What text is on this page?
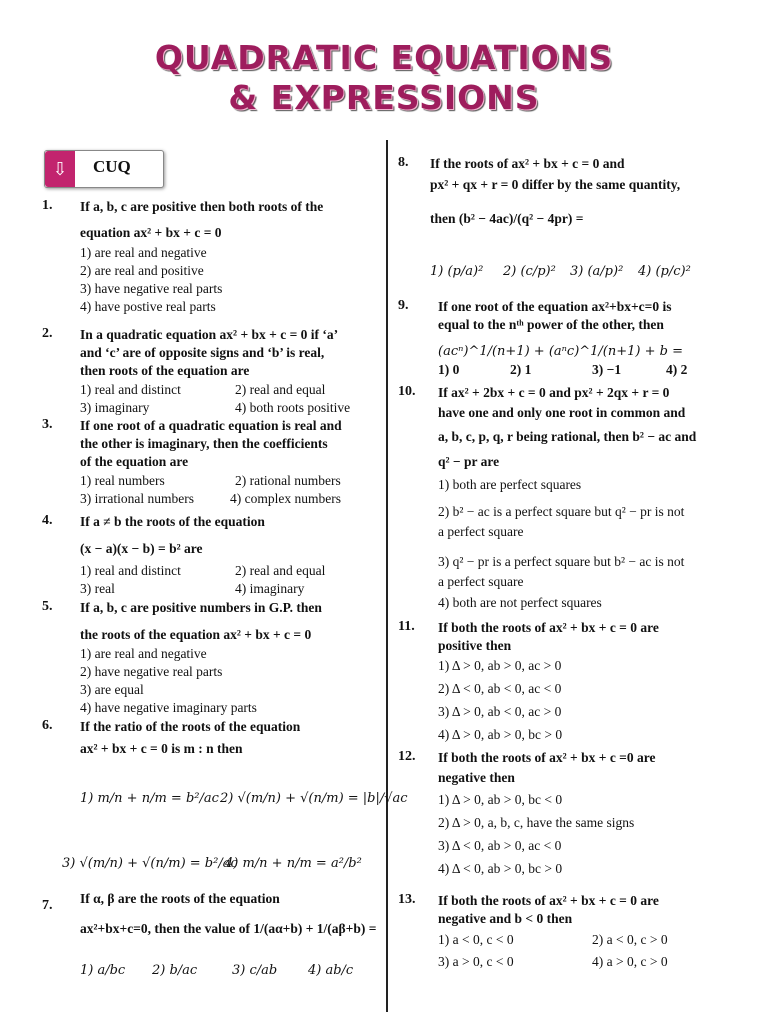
QUADRATIC EQUATIONS
& EXPRESSIONS
⇩	CUQ
1. If a, b, c are positive then both roots of the
equation ax² + bx + c = 0
1) are real and negative
2) are real and positive
3) have negative real parts
4) have postive real parts
2. In a quadratic equation ax² + bx + c = 0 if ‘a’
and ‘c’ are of opposite signs and ‘b’ is real,
then roots of the equation are
1) real and distinct	2) real and equal
3) imaginary	4) both roots positive
3. If one root of a quadratic equation is real and
the other is imaginary, then the coefficients
of the equation are
1) real numbers	2) rational numbers
3) irrational numbers	4) complex numbers
4. If a ≠ b the roots of the equation
(x − a)(x − b) = b² are
1) real and distinct	2) real and equal
3) real	4) imaginary
5. If a, b, c are positive numbers in G.P. then
the roots of the equation ax² + bx + c = 0
1) are real and negative
2) have negative real parts
3) are equal
4) have negative imaginary parts
6. If the ratio of the roots of the equation
ax² + bx + c = 0 is m : n then
1) m/n + n/m = b²/ac 2) √(m/n) + √(n/m) = |b|/√ac
3) √(m/n) + √(n/m) = b²/ac
4) m/n + n/m = a²/b²
7. If α, β are the roots of the equation
ax²+bx+c=0, then the value of 1/(aα+b) + 1/(aβ+b) =
1) a/bc 2) b/ac	3) c/ab 4) ab/c
8. If the roots of ax² + bx + c = 0 and
px² + qx + r = 0 differ by the same quantity,
then (b² − 4ac)/(q² − 4pr) =
1) (p/a)² 2) (c/p)² 3) (a/p)² 4) (p/c)²
9. If one root of the equation ax²+bx+c=0 is
equal to the nᵗʰ power of the other, then
(acⁿ)^1/(n+1) + (aⁿc)^1/(n+1) + b =
1) 0	2) 1	3) −1	4) 2
10. If ax² + 2bx + c = 0 and px² + 2qx + r = 0
have one and only one root in common and
a, b, c, p, q, r being rational, then b² − ac and
q² − pr are
1) both are perfect squares
2) b² − ac is a perfect square but q² − pr is not
a perfect square
3) q² − pr is a perfect square but b² − ac is not
a perfect square
4) both are not perfect squares
11. If both the roots of ax² + bx + c = 0 are
positive then
1) Δ > 0, ab > 0, ac > 0
2) Δ < 0, ab < 0, ac < 0
3) Δ > 0, ab < 0, ac > 0
4) Δ > 0, ab > 0, bc > 0
12. If both the roots of ax² + bx + c =0 are
negative then
1) Δ > 0, ab > 0, bc < 0
2) Δ > 0, a, b, c, have the same signs
3) Δ < 0, ab > 0, ac < 0
4) Δ < 0, ab > 0, bc > 0
13. If both the roots of ax² + bx + c = 0 are
negative and b < 0 then
1) a < 0, c < 0	2) a < 0, c > 0
3) a > 0, c < 0	4) a > 0, c > 0
